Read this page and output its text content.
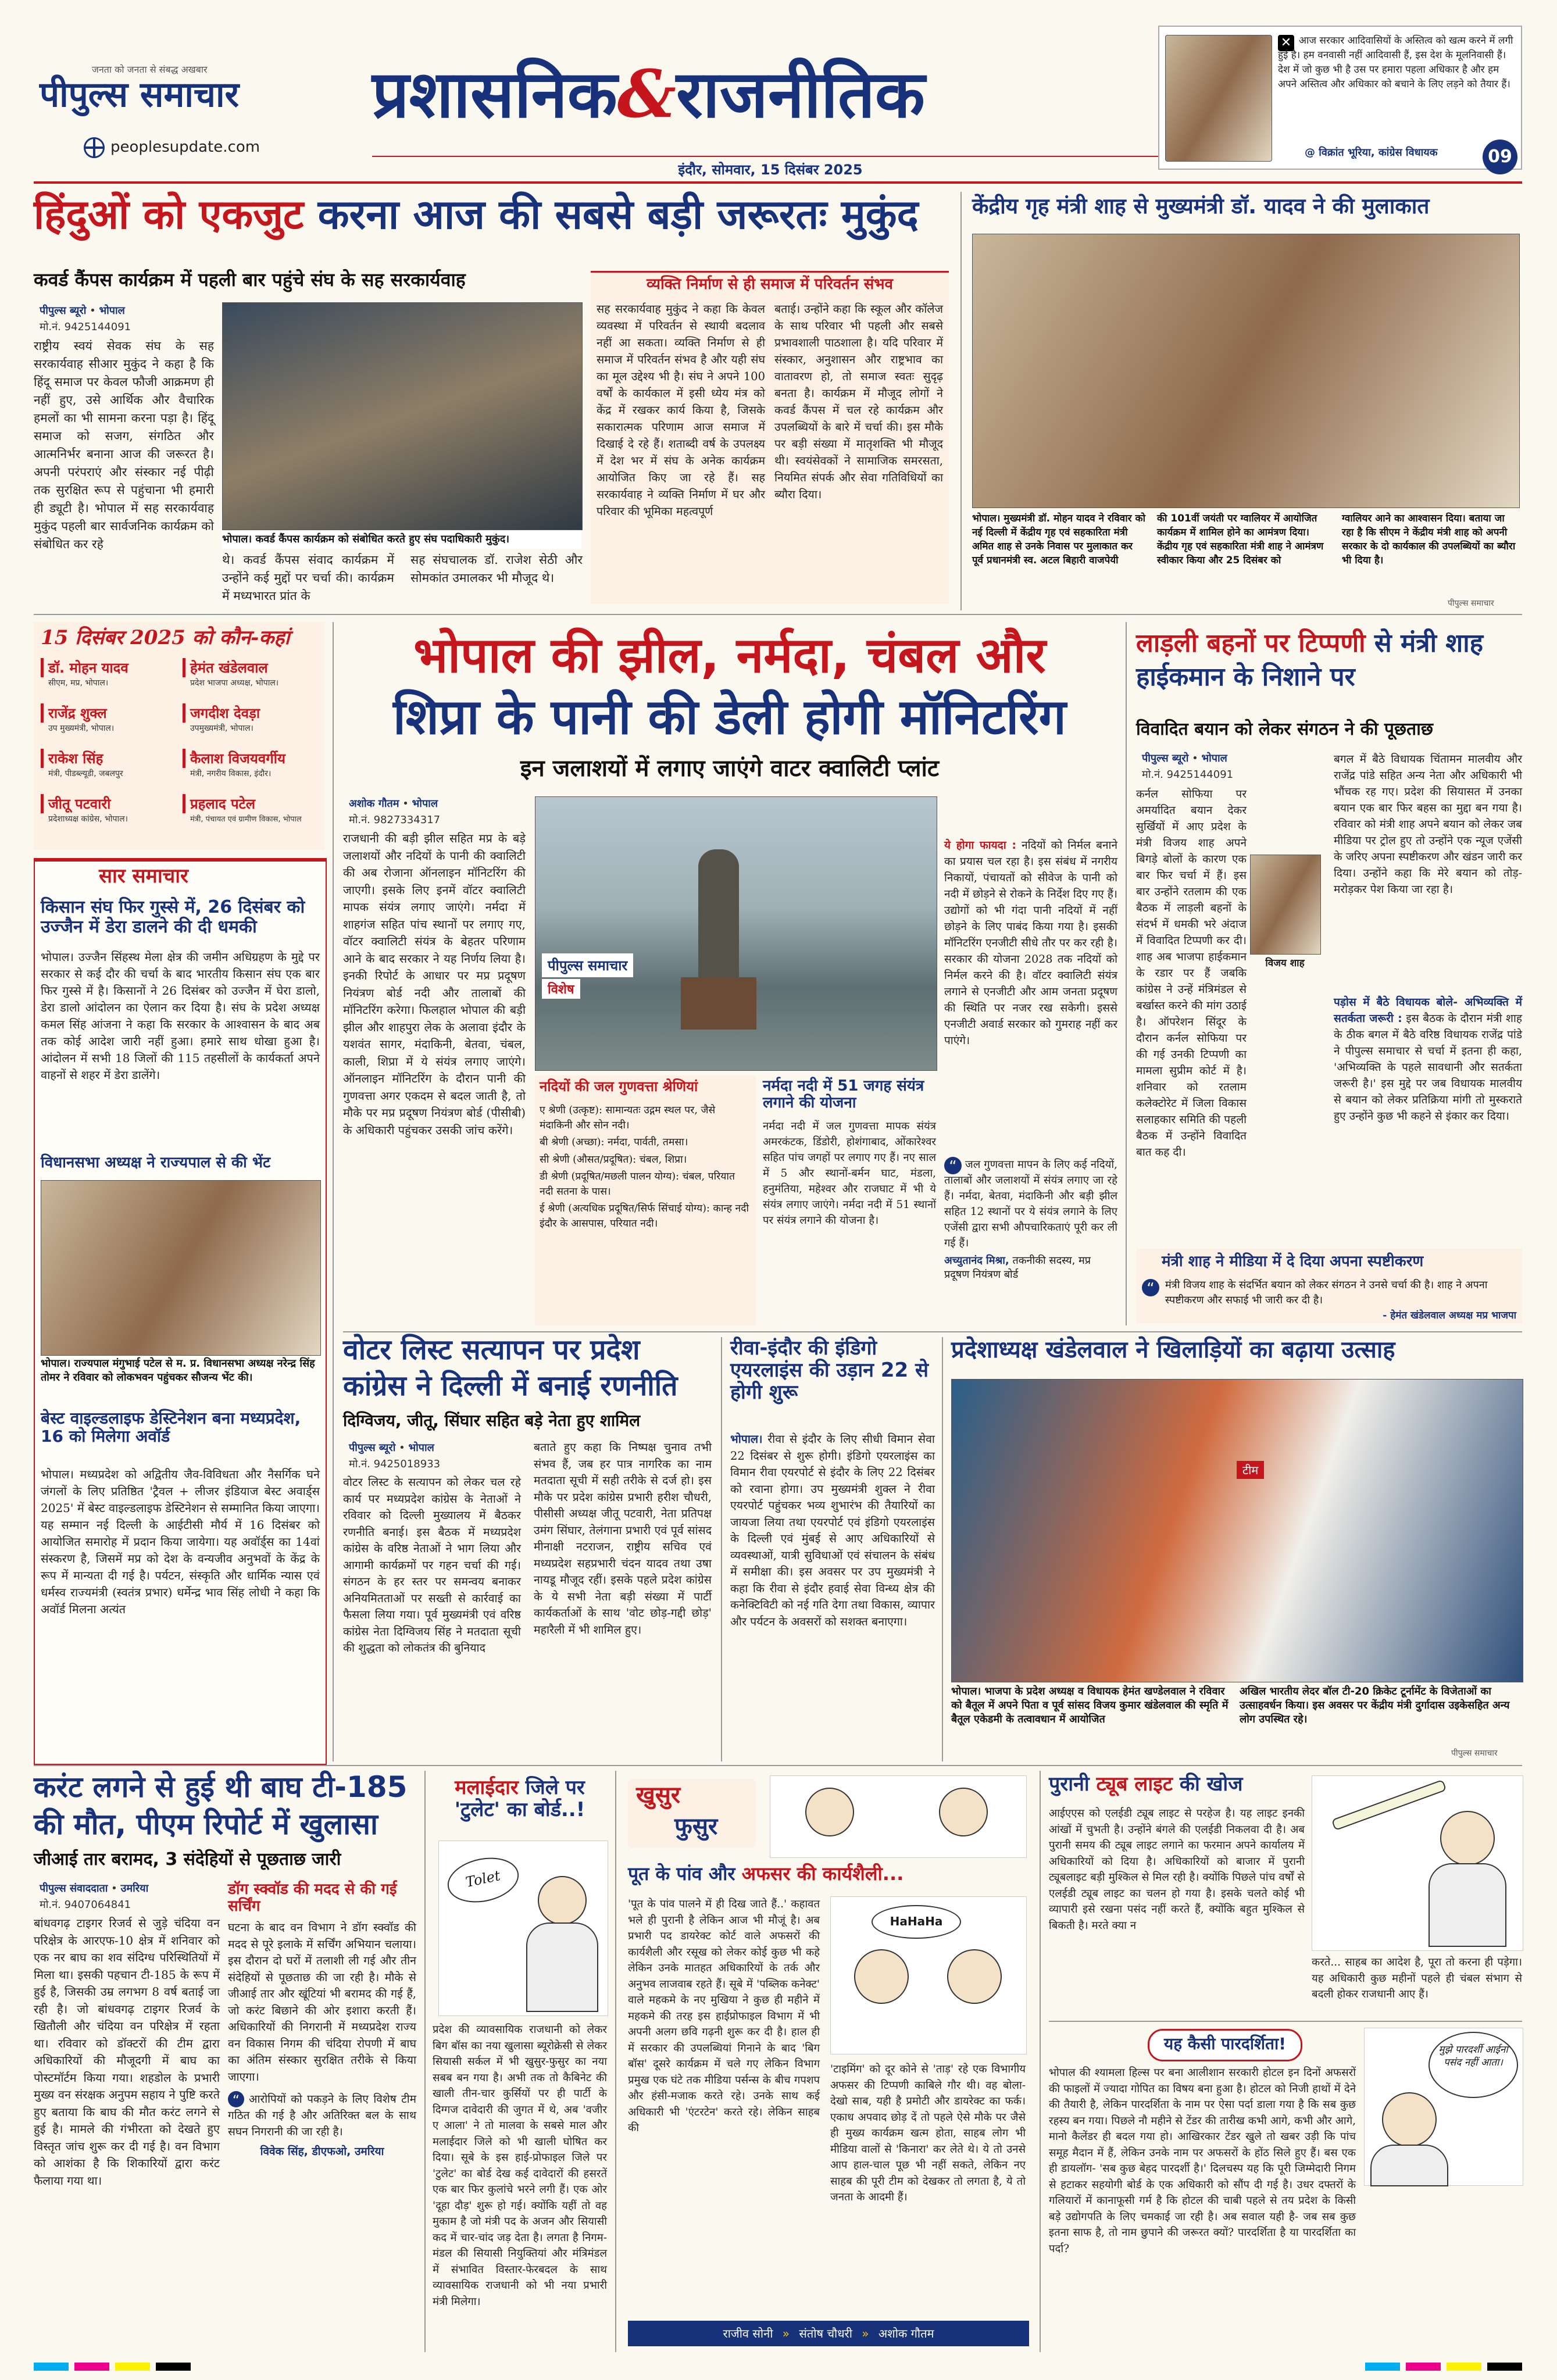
जनता को जनता से संबद्ध अखबार
पीपुल्स समाचार
peoplesupdate.com
प्रशासनिक&राजनीतिक
इंदौर, सोमवार, 15 दिसंबर 2025
✕ आज सरकार आदिवासियों के अस्तित्व को खत्म करने में लगी हुई है। हम वनवासी नहीं आदिवासी हैं, इस देश के मूलनिवासी हैं। देश में जो कुछ भी है उस पर हमारा पहला अधिकार है और हम अपने अस्तित्व और अधिकार को बचाने के लिए लड़ने को तैयार हैं।
@ विक्रांत भूरिया, कांग्रेस विधायक	09
हिंदुओं को एकजुट करना आज की सबसे बड़ी जरूरतः मुकुंद
कवर्ड कैंपस कार्यक्रम में पहली बार पहुंचे संघ के सह सरकार्यवाह
पीपुल्स ब्यूरो • भोपाल
मो.नं. 9425144091
राष्ट्रीय स्वयं सेवक संघ के सह सरकार्यवाह सीआर मुकुंद ने कहा है कि हिंदू समाज पर केवल फौजी आक्रमण ही नहीं हुए, उसे आर्थिक और वैचारिक हमलों का भी सामना करना पड़ा है। हिंदू समाज को सजग, संगठित और आत्मनिर्भर बनाना आज की जरूरत है। अपनी परंपराएं और संस्कार नई पीढ़ी तक सुरक्षित रूप से पहुंचाना भी हमारी ही ड्यूटी है। भोपाल में सह सरकार्यवाह मुकुंद पहली बार सार्वजनिक कार्यक्रम को संबोधित कर रहे	भोपाल। कवर्ड कैंपस कार्यक्रम को संबोधित करते हुए संघ पदाधिकारी मुकुंद।
थे। कवर्ड कैंपस संवाद कार्यक्रम में उन्होंने कई मुद्दों पर चर्चा की। कार्यक्रम में मध्यभारत प्रांत के
सह संघचालक डॉ. राजेश सेठी और सोमकांत उमालकर भी मौजूद थे।
व्यक्ति निर्माण से ही समाज में परिवर्तन संभव
सह सरकार्यवाह मुकुंद ने कहा कि केवल व्यवस्था में परिवर्तन से स्थायी बदलाव नहीं आ सकता। व्यक्ति निर्माण से ही समाज में परिवर्तन संभव है और यही संघ का मूल उद्देश्य भी है। संघ ने अपने 100 वर्षों के कार्यकाल में इसी ध्येय मंत्र को केंद्र में रखकर कार्य किया है, जिसके सकारात्मक परिणाम आज समाज में दिखाई दे रहे हैं। शताब्दी वर्ष के उपलक्ष्य में देश भर में संघ के अनेक कार्यक्रम आयोजित किए जा रहे हैं। सह सरकार्यवाह ने व्यक्ति निर्माण में घर और परिवार की भूमिका महत्वपूर्ण
बताई। उन्होंने कहा कि स्कूल और कॉलेज के साथ परिवार भी पहली और सबसे प्रभावशाली पाठशाला है। यदि परिवार में संस्कार, अनुशासन और राष्ट्रभाव का वातावरण हो, तो समाज स्वतः सुदृढ़ बनता है। कार्यक्रम में मौजूद लोगों ने कवर्ड कैंपस में चल रहे कार्यक्रम और उपलब्धियों के बारे में चर्चा की। इस मौके पर बड़ी संख्या में मातृशक्ति भी मौजूद थी। स्वयंसेवकों ने सामाजिक समरसता, नियमित संपर्क और सेवा गतिविधियों का ब्यौरा दिया।
केंद्रीय गृह मंत्री शाह से मुख्यमंत्री डॉ. यादव ने की मुलाकात
भोपाल। मुख्यमंत्री डॉ. मोहन यादव ने रविवार को नई दिल्ली में केंद्रीय गृह एवं सहकारिता मंत्री अमित शाह से उनके निवास पर मुलाकात कर पूर्व प्रधानमंत्री स्व. अटल बिहारी वाजपेयी
की 101वीं जयंती पर ग्वालियर में आयोजित कार्यक्रम में शामिल होने का आमंत्रण दिया। केंद्रीय गृह एवं सहकारिता मंत्री शाह ने आमंत्रण स्वीकार किया और 25 दिसंबर को
ग्वालियर आने का आश्वासन दिया। बताया जा रहा है कि सीएम ने केंद्रीय मंत्री शाह को अपनी सरकार के दो कार्यकाल की उपलब्धियों का ब्यौरा भी दिया है।
पीपुल्स समाचार
15 दिसंबर 2025 को कौन-कहां
डॉ. मोहन यादव
सीएम, मप्र, भोपाल।
हेमंत खंडेलवाल
प्रदेश भाजपा अध्यक्ष, भोपाल।
राजेंद्र शुक्ल
उप मुख्यमंत्री, भोपाल।
जगदीश देवड़ा
उपमुख्यमंत्री, भोपाल।
राकेश सिंह
मंत्री, पीडब्ल्यूडी, जबलपुर
कैलाश विजयवर्गीय
मंत्री, नगरीय विकास, इंदौर।
जीतू पटवारी
प्रदेशाध्यक्ष कांग्रेस, भोपाल।
प्रहलाद पटेल
मंत्री, पंचायत एवं ग्रामीण विकास, भोपाल
सार समाचार
किसान संघ फिर गुस्से में, 26 दिसंबर को उज्जैन में डेरा डालने की दी धमकी
भोपाल। उज्जैन सिंहस्थ मेला क्षेत्र की जमीन अधिग्रहण के मुद्दे पर सरकार से कई दौर की चर्चा के बाद भारतीय किसान संघ एक बार फिर गुस्से में है। किसानों ने 26 दिसंबर को उज्जैन में घेरा डालो, डेरा डालो आंदोलन का ऐलान कर दिया है। संघ के प्रदेश अध्यक्ष कमल सिंह आंजना ने कहा कि सरकार के आश्वासन के बाद अब तक कोई आदेश जारी नहीं हुआ। हमारे साथ धोखा हुआ है। आंदोलन में सभी 18 जिलों की 115 तहसीलों के कार्यकर्ता अपने वाहनों से शहर में डेरा डालेंगे।
विधानसभा अध्यक्ष ने राज्यपाल से की भेंट
भोपाल। राज्यपाल मंगुभाई पटेल से म. प्र. विधानसभा अध्यक्ष नरेन्द्र सिंह तोमर ने रविवार को लोकभवन पहुंचकर सौजन्य भेंट की।
बेस्ट वाइल्डलाइफ डेस्टिनेशन बना मध्यप्रदेश, 16 को मिलेगा अवॉर्ड
भोपाल। मध्यप्रदेश को अद्वितीय जैव-विविधता और नैसर्गिक घने जंगलों के लिए प्रतिष्ठित 'ट्रैवल + लीजर इंडियाज बेस्ट अवार्ड्स 2025' में बेस्ट वाइल्डलाइफ डेस्टिनेशन से सम्मानित किया जाएगा। यह सम्मान नई दिल्ली के आईटीसी मौर्य में 16 दिसंबर को आयोजित समारोह में प्रदान किया जायेगा। यह अवॉर्ड्स का 14वां संस्करण है, जिसमें मप्र को देश के वन्यजीव अनुभवों के केंद्र के रूप में मान्यता दी गई है। पर्यटन, संस्कृति और धार्मिक न्यास एवं धर्मस्व राज्यमंत्री (स्वतंत्र प्रभार) धर्मेन्द्र भाव सिंह लोधी ने कहा कि अवॉर्ड मिलना अत्यंत
भोपाल की झील, नर्मदा, चंबल और
शिप्रा के पानी की डेली होगी मॉनिटरिंग
इन जलाशयों में लगाए जाएंगे वाटर क्वालिटी प्लांट
अशोक गौतम • भोपाल
मो.नं. 9827334317
राजधानी की बड़ी झील सहित मप्र के बड़े जलाशयों और नदियों के पानी की क्वालिटी की अब रोजाना ऑनलाइन मॉनिटरिंग की जाएगी। इसके लिए इनमें वॉटर क्वालिटी मापक संयंत्र लगाए जाएंगे। नर्मदा में शाहगंज सहित पांच स्थानों पर लगाए गए, वॉटर क्वालिटी संयंत्र के बेहतर परिणाम आने के बाद सरकार ने यह निर्णय लिया है। इनकी रिपोर्ट के आधार पर मप्र प्रदूषण नियंत्रण बोर्ड नदी और तालाबों की मॉनिटरिंग करेगा। फिलहाल भोपाल की बड़ी झील और शाहपुरा लेक के अलावा इंदौर के यशवंत सागर, मंदाकिनी, बेतवा, चंबल, काली, शिप्रा में ये संयंत्र लगाए जाएंगे। ऑनलाइन मॉनिटरिंग के दौरान पानी की गुणवत्ता अगर एकदम से बदल जाती है, तो मौके पर मप्र प्रदूषण नियंत्रण बोर्ड (पीसीबी) के अधिकारी पहुंचकर उसकी जांच करेंगे।
पीपुल्स समाचार
विशेष
नदियों की जल गुणवत्ता श्रेणियां
ए श्रेणी (उत्कृष्ट): सामान्यतः उद्गम स्थल पर, जैसे मंदाकिनी और सोन नदी।
बी श्रेणी (अच्छा): नर्मदा, पार्वती, तमसा।
सी श्रेणी (औसत/प्रदूषित): चंबल, शिप्रा।
डी श्रेणी (प्रदूषित/मछली पालन योग्य): चंबल, परियात नदी सतना के पास।
ई श्रेणी (अत्यधिक प्रदूषित/सिर्फ सिंचाई योग्य): कान्ह नदी इंदौर के आसपास, परियात नदी।
नर्मदा नदी में 51 जगह संयंत्र लगाने की योजना
नर्मदा नदी में जल गुणवत्ता मापक संयंत्र अमरकंटक, डिंडोरी, होशंगाबाद, ओंकारेश्वर सहित पांच जगहों पर लगाए गए हैं। नए साल में 5 और स्थानों-बर्मन घाट, मंडला, हनुमंतिया, महेश्वर और राजघाट में भी ये संयंत्र लगाए जाएंगे। नर्मदा नदी में 51 स्थानों पर संयंत्र लगाने की योजना है।
ये होगा फायदा : नदियों को निर्मल बनाने का प्रयास चल रहा है। इस संबंध में नगरीय निकायों, पंचायतों को सीवेज के पानी को नदी में छोड़ने से रोकने के निर्देश दिए गए हैं। उद्योगों को भी गंदा पानी नदियों में नहीं छोड़ने के लिए पाबंद किया गया है। इसकी मॉनिटरिंग एनजीटी सीधे तौर पर कर रही है। सरकार की योजना 2028 तक नदियों को निर्मल करने की है। वॉटर क्वालिटी संयंत्र लगाने से एनजीटी और आम जनता प्रदूषण की स्थिति पर नजर रख सकेगी। इससे एनजीटी अवार्ड सरकार को गुमराह नहीं कर पाएंगे।
“ जल गुणवत्ता मापन के लिए कई नदियों, तालाबों और जलाशयों में संयंत्र लगाए जा रहे हैं। नर्मदा, बेतवा, मंदाकिनी और बड़ी झील सहित 12 स्थानों पर ये संयंत्र लगाने के लिए एजेंसी द्वारा सभी औपचारिकताएं पूरी कर ली गई हैं।
अच्युतानंद मिश्रा, तकनीकी सदस्य, मप्र प्रदूषण नियंत्रण बोर्ड
लाड़ली बहनों पर टिप्पणी से मंत्री शाह हाईकमान के निशाने पर
विवादित बयान को लेकर संगठन ने की पूछताछ
पीपुल्स ब्यूरो • भोपाल
मो.नं. 9425144091
कर्नल सोफिया पर अमर्यादित बयान देकर सुर्खियों में आए प्रदेश के मंत्री विजय शाह अपने बिगड़े बोलों के कारण एक बार फिर चर्चा में हैं। इस बार उन्होंने रतलाम की एक बैठक में लाड़ली बहनों के संदर्भ में धमकी भरे अंदाज में विवादित टिप्पणी कर दी। शाह अब भाजपा हाईकमान के रडार पर हैं जबकि कांग्रेस ने उन्हें मंत्रिमंडल से बर्खास्त करने की मांग उठाई है। ऑपरेशन सिंदूर के दौरान कर्नल सोफिया पर की गई उनकी टिप्पणी का मामला सुप्रीम कोर्ट में है। शनिवार को रतलाम कलेक्टोरेट में जिला विकास सलाहकार समिति की पहली बैठक में उन्होंने विवादित बात कह दी।
विजय शाह
बगल में बैठे विधायक चिंतामन मालवीय और राजेंद्र पांडे सहित अन्य नेता और अधिकारी भी भौंचक रह गए। प्रदेश की सियासत में उनका बयान एक बार फिर बहस का मुद्दा बन गया है। रविवार को मंत्री शाह अपने बयान को लेकर जब मीडिया पर ट्रोल हुए तो उन्होंने एक न्यूज एजेंसी के जरिए अपना स्पष्टीकरण और खंडन जारी कर दिया। उन्होंने कहा कि मेरे बयान को तोड़-मरोड़कर पेश किया जा रहा है।
पड़ोस में बैठे विधायक बोले- अभिव्यक्ति में सतर्कता जरूरी : इस बैठक के दौरान मंत्री शाह के ठीक बगल में बैठे वरिष्ठ विधायक राजेंद्र पांडे ने पीपुल्स समाचार से चर्चा में इतना ही कहा, 'अभिव्यक्ति के पहले सावधानी और सतर्कता जरूरी है।' इस मुद्दे पर जब विधायक मालवीय से बयान को लेकर प्रतिक्रिया मांगी तो मुस्कराते हुए उन्होंने कुछ भी कहने से इंकार कर दिया।
मंत्री शाह ने मीडिया में दे दिया अपना स्पष्टीकरण
“	मंत्री विजय शाह के संदर्भित बयान को लेकर संगठन ने उनसे चर्चा की है। शाह ने अपना स्पष्टीकरण और सफाई भी जारी कर दी है।
- हेमंत खंडेलवाल अध्यक्ष मप्र भाजपा
वोटर लिस्ट सत्यापन पर प्रदेश
कांग्रेस ने दिल्ली में बनाई रणनीति
दिग्विजय, जीतू, सिंघार सहित बड़े नेता हुए शामिल
पीपुल्स ब्यूरो • भोपाल
मो.नं. 9425018933
वोटर लिस्ट के सत्यापन को लेकर चल रहे कार्य पर मध्यप्रदेश कांग्रेस के नेताओं ने रविवार को दिल्ली मुख्यालय में बैठकर रणनीति बनाई। इस बैठक में मध्यप्रदेश कांग्रेस के वरिष्ठ नेताओं ने भाग लिया और आगामी कार्यक्रमों पर गहन चर्चा की गई। संगठन के हर स्तर पर समन्वय बनाकर अनियमितताओं पर सख्ती से कार्रवाई का फैसला लिया गया। पूर्व मुख्यमंत्री एवं वरिष्ठ कांग्रेस नेता दिग्विजय सिंह ने मतदाता सूची की शुद्धता को लोकतंत्र की बुनियाद
बताते हुए कहा कि निष्पक्ष चुनाव तभी संभव हैं, जब हर पात्र नागरिक का नाम मतदाता सूची में सही तरीके से दर्ज हो। इस मौके पर प्रदेश कांग्रेस प्रभारी हरीश चौधरी, पीसीसी अध्यक्ष जीतू पटवारी, नेता प्रतिपक्ष उमंग सिंघार, तेलंगाना प्रभारी एवं पूर्व सांसद मीनाक्षी नटराजन, राष्ट्रीय सचिव एवं मध्यप्रदेश सहप्रभारी चंदन यादव तथा उषा नायडू मौजूद रहीं। इसके पहले प्रदेश कांग्रेस के ये सभी नेता बड़ी संख्या में पार्टी कार्यकर्ताओं के साथ 'वोट छोड़-गद्दी छोड़' महारैली में भी शामिल हुए।
रीवा-इंदौर की इंडिगो एयरलाइंस की उड़ान 22 से होगी शुरू
भोपाल। रीवा से इंदौर के लिए सीधी विमान सेवा 22 दिसंबर से शुरू होगी। इंडिगो एयरलाइंस का विमान रीवा एयरपोर्ट से इंदौर के लिए 22 दिसंबर को रवाना होगा। उप मुख्यमंत्री शुक्ल ने रीवा एयरपोर्ट पहुंचकर भव्य शुभारंभ की तैयारियों का जायजा लिया तथा एयरपोर्ट एवं इंडिगो एयरलाइंस के दिल्ली एवं मुंबई से आए अधिकारियों से व्यवस्थाओं, यात्री सुविधाओं एवं संचालन के संबंध में समीक्षा की। इस अवसर पर उप मुख्यमंत्री ने कहा कि रीवा से इंदौर हवाई सेवा विन्ध्य क्षेत्र की कनेक्टिविटी को नई गति देगा तथा विकास, व्यापार और पर्यटन के अवसरों को सशक्त बनाएगा।
प्रदेशाध्यक्ष खंडेलवाल ने खिलाड़ियों का बढ़ाया उत्साह
टीम
भोपाल। भाजपा के प्रदेश अध्यक्ष व विधायक हेमंत खण्डेलवाल ने रविवार को बैतूल में अपने पिता व पूर्व सांसद विजय कुमार खंडेलवाल की स्मृति में बैतूल एकेडमी के तत्वावधान में आयोजित
अखिल भारतीय लेदर बॉल टी-20 क्रिकेट टूर्नामेंट के विजेताओं का उत्साहवर्धन किया। इस अवसर पर केंद्रीय मंत्री दुर्गादास उइकेसहित अन्य लोग उपस्थित रहे।
पीपुल्स समाचार
करंट लगने से हुई थी बाघ टी-185
की मौत, पीएम रिपोर्ट में खुलासा
जीआई तार बरामद, 3 संदेहियों से पूछताछ जारी
पीपुल्स संवाददाता • उमरिया
मो.नं. 9407064841
बांधवगढ़ टाइगर रिजर्व से जुड़े चंदिया वन परिक्षेत्र के आरएफ-10 क्षेत्र में शनिवार को एक नर बाघ का शव संदिग्ध परिस्थितियों में मिला था। इसकी पहचान टी-185 के रूप में हुई है, जिसकी उम्र लगभग 8 वर्ष बताई जा रही है। जो बांधवगढ़ टाइगर रिजर्व के खितौली और चंदिया वन परिक्षेत्र में रहता था। रविवार को डॉक्टरों की टीम द्वारा अधिकारियों की मौजूदगी में बाघ का पोस्टमॉर्टम किया गया। शहडोल के प्रभारी मुख्य वन संरक्षक अनुपम सहाय ने पुष्टि करते हुए बताया कि बाघ की मौत करंट लगने से हुई है। मामले की गंभीरता को देखते हुए विस्तृत जांच शुरू कर दी गई है। वन विभाग को आशंका है कि शिकारियों द्वारा करंट फैलाया गया था।
डॉग स्क्वॉड की मदद से की गई सर्चिंग
घटना के बाद वन विभाग ने डॉग स्क्वॉड की मदद से पूरे इलाके में सर्चिंग अभियान चलाया। इस दौरान दो घरों में तलाशी ली गई और तीन संदेहियों से पूछताछ की जा रही है। मौके से जीआई तार और खूंटियां भी बरामद की गई हैं, जो करंट बिछाने की ओर इशारा करती हैं। अधिकारियों की निगरानी में मध्यप्रदेश राज्य वन विकास निगम की चंदिया रोपणी में बाघ का अंतिम संस्कार सुरक्षित तरीके से किया जाएगा।
“ आरोपियों को पकड़ने के लिए विशेष टीम गठित की गई है और अतिरिक्त बल के साथ सघन निगरानी की जा रही है।
विवेक सिंह, डीएफओ, उमरिया
मलाईदार जिले पर 'टुलेट' का बोर्ड..!
Tolet
प्रदेश की व्यावसायिक राजधानी को लेकर बिग बॉस का नया खुलासा ब्यूरोक्रेसी से लेकर सियासी सर्कल में भी खुसुर-फुसुर का नया सबब बन गया है। अभी तक तो कैबिनेट की खाली तीन-चार कुर्सियों पर ही पार्टी के दिग्गज दावेदारी की जुगत में थे, अब 'वजीर ए आला' ने तो मालवा के सबसे माल और मलाईदार जिले को भी खाली घोषित कर दिया। सूबे के इस हाई-प्रोफाइल जिले पर 'टुलेट' का बोर्ड देख कई दावेदारों की हसरतें एक बार फिर कुलांचे भरने लगी हैं। एक ओर 'दूहा दौड़' शुरू हो गई। क्योंकि यहीं तो वह मुकाम है जो मंत्री पद के अजन और सियासी कद में चार-चांद जड़ देता है। लगता है निगम-मंडल की सियासी नियुक्तियां और मंत्रिमंडल में संभावित विस्तार-फेरबदल के साथ व्यावसायिक राजधानी को भी नया प्रभारी मंत्री मिलेगा।
खुसुर
फुसुर
पूत के पांव और अफसर की कार्यशैली...
'पूत के पांव पालने में ही दिख जाते हैं..' कहावत भले ही पुरानी है लेकिन आज भी मौजूं है। अब प्रभारी पद डायरेक्ट कोर्ट वाले अफसरों की कार्यशैली और रसूख को लेकर कोई कुछ भी कहे लेकिन उनके मातहत अधिकारियों के तर्क और अनुभव लाजवाब रहते हैं। सूबे में 'पब्लिक कनेक्ट' वाले महकमे के नए मुखिया ने कुछ ही महीने में महकमे की तरह इस हाईप्रोफाइल विभाग में भी अपनी अलग छवि गढ़नी शुरू कर दी है। हाल ही में सरकार की उपलब्धियां गिनाने के बाद 'बिग बॉस' दूसरे कार्यक्रम में चले गए लेकिन विभाग प्रमुख एक घंटे तक मीडिया पर्सन्स के बीच गपशप और हंसी-मजाक करते रहे। उनके साथ कई अधिकारी भी 'एंटरटेन' करते रहे। लेकिन साहब की
HaHaHa
'टाइमिंग' को दूर कोने से 'ताड़' रहे एक विभागीय अफसर की टिप्पणी काबिले गौर थी। वह बोला- देखो साब, यही है प्रमोटी और डायरेक्ट का फर्क। एकाध अपवाद छोड़ दें तो पहले ऐसे मौके पर जैसे ही मुख्य कार्यक्रम खत्म होता, साहब लोग भी मीडिया वालों से 'किनारा' कर लेते थे। ये तो उनसे आप हाल-चाल पूछ भी नहीं सकते, लेकिन नए साहब की पूरी टीम को देखकर तो लगता है, ये तो जनता के आदमी हैं।
राजीव सोनी » संतोष चौधरी » अशोक गौतम
पुरानी ट्यूब लाइट की खोज
आईएएस को एलईडी ट्यूब लाइट से परहेज है। यह लाइट इनकी आंखों में चुभती है। उन्होंने बंगले की एलईडी निकलवा दी है। अब पुरानी समय की ट्यूब लाइट लगाने का फरमान अपने कार्यालय में अधिकारियों को दिया है। अधिकारियों को बाजार में पुरानी ट्यूबलाइट बड़ी मुश्किल से मिल रही है। क्योंकि पिछले पांच वर्षों से एलईडी ट्यूब लाइट का चलन हो गया है। इसके चलते कोई भी व्यापारी इसे रखना पसंद नहीं करते हैं, क्योंकि बहुत मुश्किल से बिकती है। मरते क्या न
करते... साहब का आदेश है, पूरा तो करना ही पड़ेगा। यह अधिकारी कुछ महीनों पहले ही चंबल संभाग से बदली होकर राजधानी आए हैं।
यह कैसी पारदर्शिता!	मुझे पारदर्शी आईना पसंद नहीं आता।
भोपाल की श्यामला हिल्स पर बना आलीशान सरकारी होटल इन दिनों अफसरों की फाइलों में ज्यादा गोपित का विषय बना हुआ है। होटल को निजी हाथों में देने की तैयारी है, लेकिन पारदर्शिता के नाम पर ऐसा पर्दा डाला गया है कि सब कुछ रहस्य बन गया। पिछले नौ महीने से टेंडर की तारीख कभी आगे, कभी और आगे, मानो कैलेंडर ही बदल गया हो। आखिरकार टेंडर खुले तो खबर उड़ी कि पांच समूह मैदान में हैं, लेकिन उनके नाम पर अफसरों के होंठ सिले हुए हैं। बस एक ही डायलॉग- 'सब कुछ बेहद पारदर्शी है।' दिलचस्प यह कि पूरी जिम्मेदारी निगम से हटाकर सहयोगी बोर्ड के एक अधिकारी को सौंप दी गई है। उधर दफ्तरों के गलियारों में कानाफूसी गर्म है कि होटल की चाबी पहले से तय प्रदेश के किसी बड़े उद्योगपति के लिए चमकाई जा रही है। अब सवाल यही है- जब सब कुछ इतना साफ है, तो नाम छुपाने की जरूरत क्यों? पारदर्शिता है या पारदर्शिता का पर्दा?
